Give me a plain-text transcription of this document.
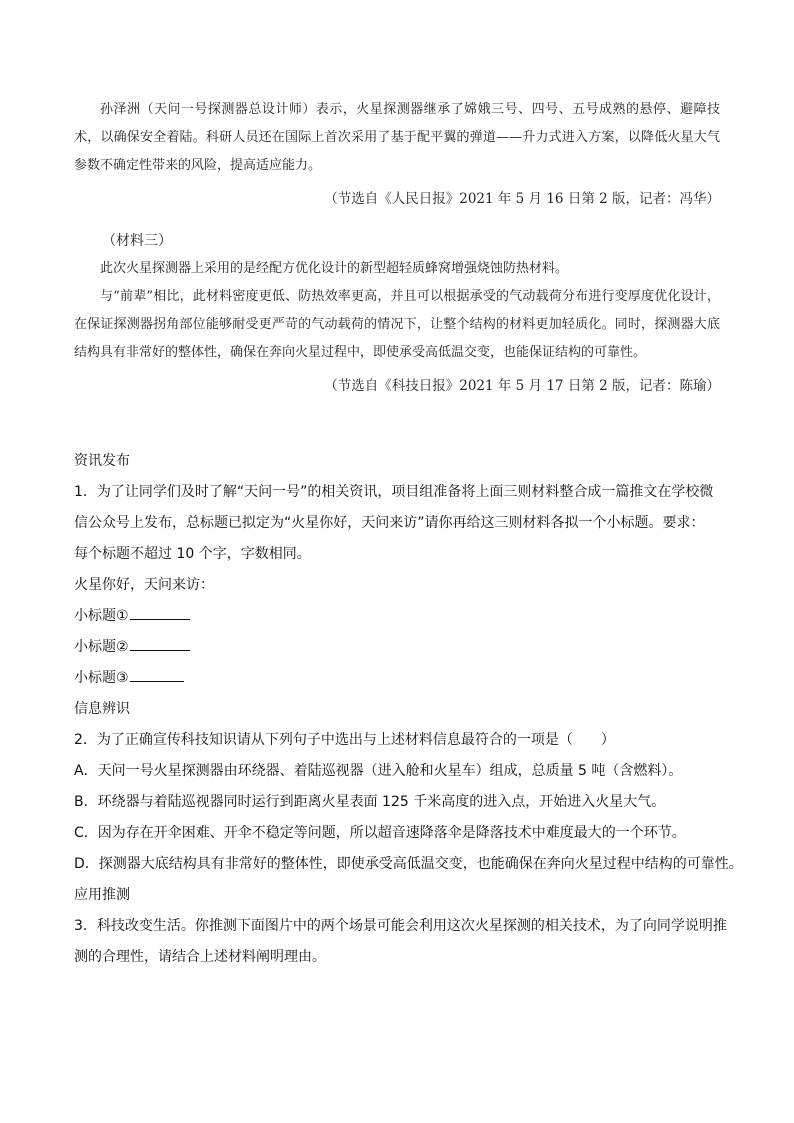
孙泽洲（天问一号探测器总设计师）表示，火星探测器继承了嫦娥三号、四号、五号成熟的悬停、避障技术，以确保安全着陆。科研人员还在国际上首次采用了基于配平翼的弹道——升力式进入方案，以降低火星大气参数不确定性带来的风险，提高适应能力。

（节选自《人民日报》2021 年 5 月 16 日第 2 版，记者：冯华）

（材料三）

此次火星探测器上采用的是经配方优化设计的新型超轻质蜂窝增强烧蚀防热材料。

与“前辈”相比，此材料密度更低、防热效率更高，并且可以根据承受的气动载荷分布进行变厚度优化设计，在保证探测器拐角部位能够耐受更严苛的气动载荷的情况下，让整个结构的材料更加轻质化。同时，探测器大底结构具有非常好的整体性，确保在奔向火星过程中，即使承受高低温交变，也能保证结构的可靠性。

（节选自《科技日报》2021 年 5 月 17 日第 2 版，记者：陈瑜）

资讯发布

1．为了让同学们及时了解“天问一号”的相关资讯，项目组准备将上面三则材料整合成一篇推文在学校微

信公众号上发布，总标题已拟定为“火星你好，天问来访”请你再给这三则材料各拟一个小标题。要求：

每个标题不超过 10 个字，字数相同。

火星你好，天问来访：

小标题①

小标题②

小标题③

信息辨识

2．为了正确宣传科技知识请从下列句子中选出与上述材料信息最符合的一项是（　　）

A．天问一号火星探测器由环绕器、着陆巡视器（进入舱和火星车）组成，总质量 5 吨（含燃料）。

B．环绕器与着陆巡视器同时运行到距离火星表面 125 千米高度的进入点，开始进入火星大气。

C．因为存在开伞困难、开伞不稳定等问题，所以超音速降落伞是降落技术中难度最大的一个环节。

D．探测器大底结构具有非常好的整体性，即使承受高低温交变，也能确保在奔向火星过程中结构的可靠性。

应用推测

3．科技改变生活。你推测下面图片中的两个场景可能会利用这次火星探测的相关技术，为了向同学说明推

测的合理性，请结合上述材料阐明理由。
